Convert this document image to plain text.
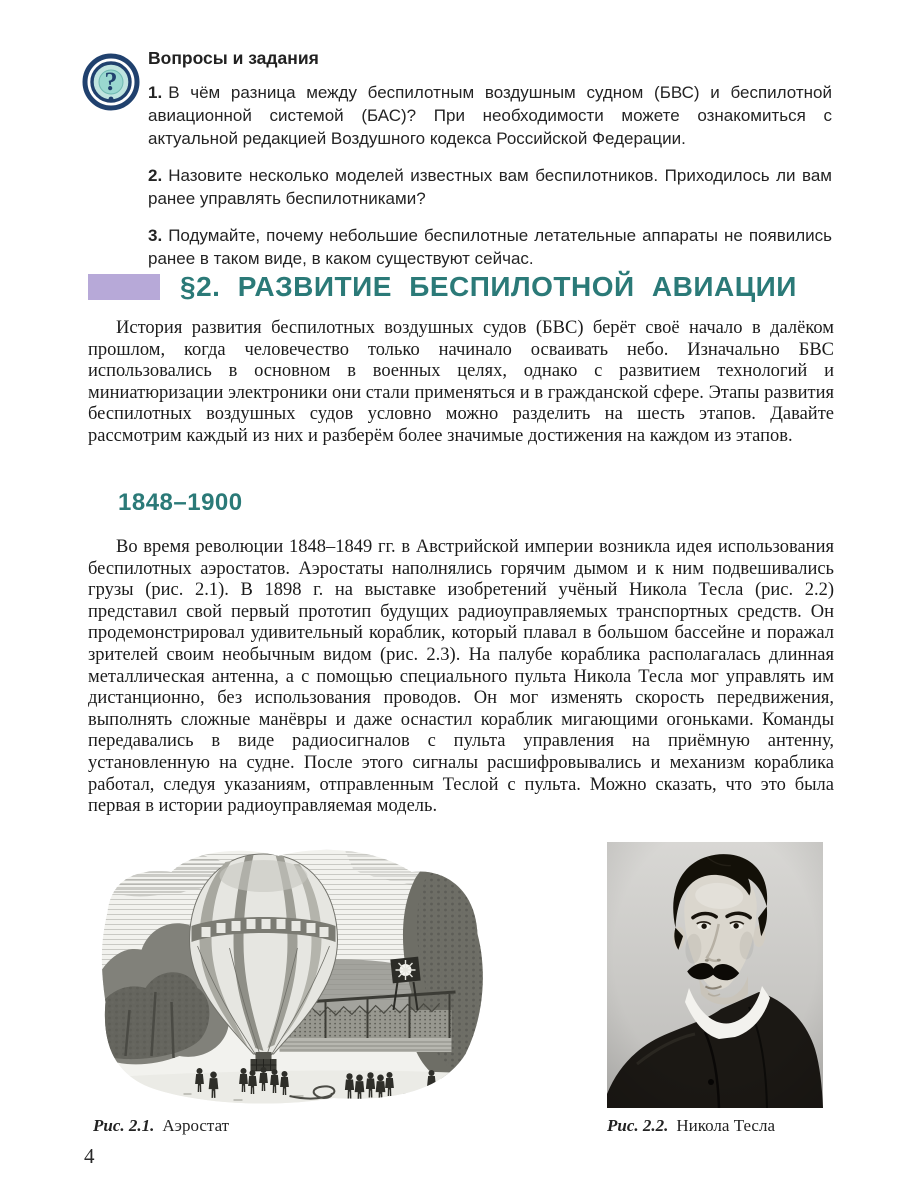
?
Вопросы и задания

1. В чём разница между беспилотным воздушным судном (БВС) и беспилотной авиационной системой (БАС)? При необходимости можете ознакомиться с актуальной редакцией Воздушного кодекса Российской Федерации.

2. Назовите несколько моделей известных вам беспилотников. Приходилось ли вам ранее управлять беспилотниками?

3. Подумайте, почему небольшие беспилотные летательные аппараты не появились ранее в таком виде, в каком существуют сейчас.

§2. РАЗВИТИЕ БЕСПИЛОТНОЙ АВИАЦИИ

История развития беспилотных воздушных судов (БВС) берёт своё начало в далёком прошлом, когда человечество только начинало осваивать небо. Изначально БВС использовались в основном в военных целях, однако с развитием технологий и миниатюризации электроники они стали применяться и в гражданской сфере. Этапы развития беспилотных воздушных судов условно можно разделить на шесть этапов. Давайте рассмотрим каждый из них и разберём более значимые достижения на каждом из этапов.

1848–1900

Во время революции 1848–1849 гг. в Австрийской империи возникла идея использования беспилотных аэростатов. Аэростаты наполнялись горячим дымом и к ним подвешивались грузы (рис. 2.1). В 1898 г. на выставке изобретений учёный Никола Тесла (рис. 2.2) представил свой первый прототип будущих радиоуправляемых транспортных средств. Он продемонстрировал удивительный кораблик, который плавал в большом бассейне и поражал зрителей своим необычным видом (рис. 2.3). На палубе кораблика располагалась длинная металлическая антенна, а с помощью специального пульта Никола Тесла мог управлять им дистанционно, без использования проводов. Он мог изменять скорость передвижения, выполнять сложные манёвры и даже оснастил кораблик мигающими огоньками. Команды передавались в виде радиосигналов с пульта управления на приёмную антенну, установленную на судне. После этого сигналы расшифровывались и механизм кораблика работал, следуя указаниям, отправленным Теслой с пульта. Можно сказать, что это была первая в истории радиоуправляемая модель.

Рис. 2.1. Аэростат	Рис. 2.2. Никола Тесла
4
